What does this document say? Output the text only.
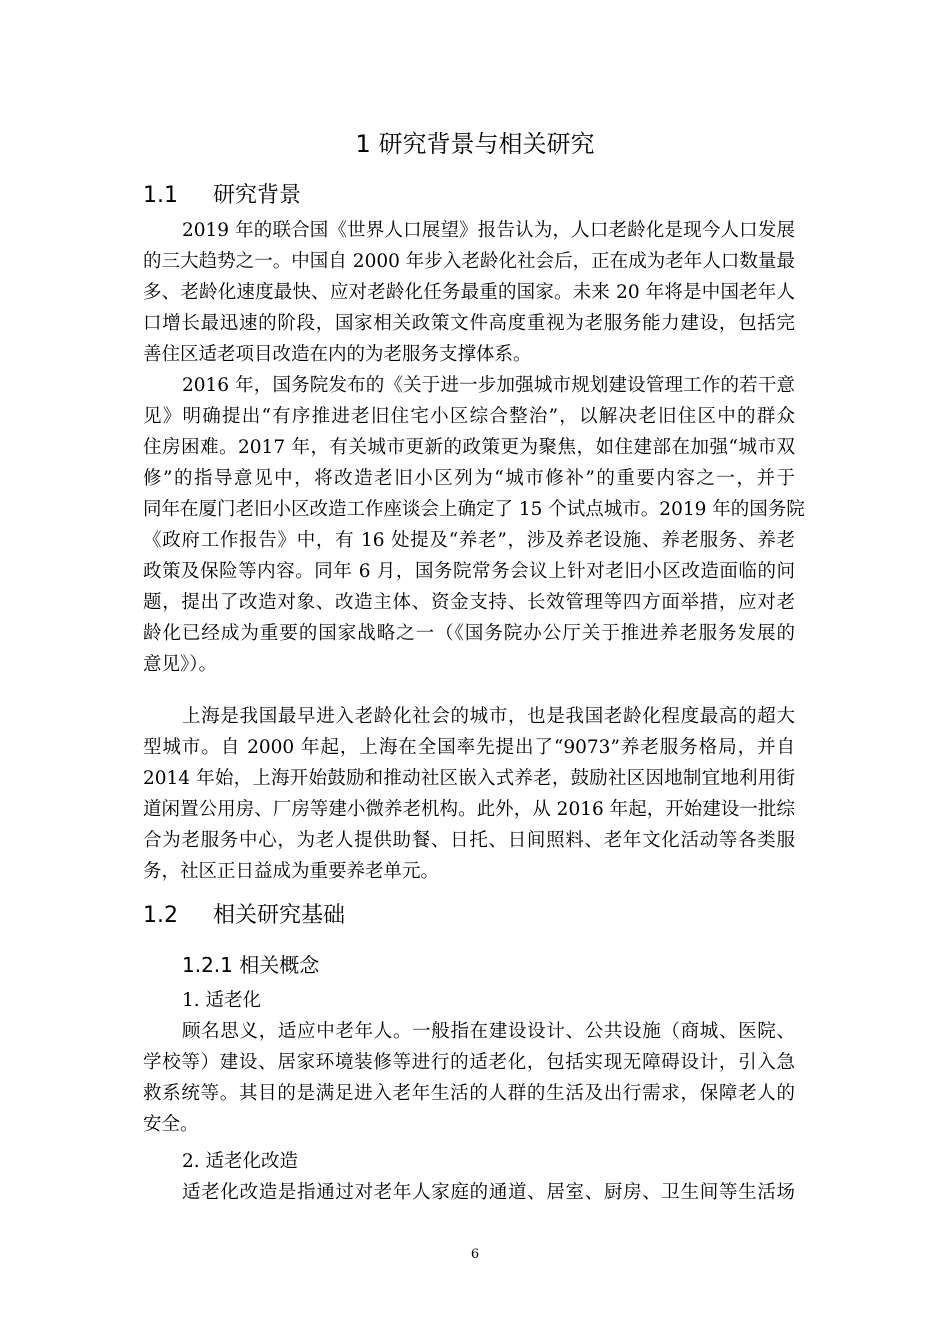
1 研究背景与相关研究
1.1 研究背景
2019 年的联合国《世界人口展望》报告认为，人口老龄化是现今人口发展
的三大趋势之一。中国自 2000 年步入老龄化社会后，正在成为老年人口数量最
多、老龄化速度最快、应对老龄化任务最重的国家。未来 20 年将是中国老年人
口增长最迅速的阶段，国家相关政策文件高度重视为老服务能力建设，包括完
善住区适老项目改造在内的为老服务支撑体系。
2016 年，国务院发布的《关于进一步加强城市规划建设管理工作的若干意
见》明确提出“有序推进老旧住宅小区综合整治”，以解决老旧住区中的群众
住房困难。2017 年，有关城市更新的政策更为聚焦，如住建部在加强“城市双
修”的指导意见中，将改造老旧小区列为“城市修补”的重要内容之一，并于
同年在厦门老旧小区改造工作座谈会上确定了 15 个试点城市。2019 年的国务院
《政府工作报告》中，有 16 处提及“养老”，涉及养老设施、养老服务、养老
政策及保险等内容。同年 6 月，国务院常务会议上针对老旧小区改造面临的问
题，提出了改造对象、改造主体、资金支持、长效管理等四方面举措，应对老
龄化已经成为重要的国家战略之一（《国务院办公厅关于推进养老服务发展的
意见》）。
上海是我国最早进入老龄化社会的城市，也是我国老龄化程度最高的超大
型城市。自 2000 年起，上海在全国率先提出了“9073”养老服务格局，并自
2014 年始，上海开始鼓励和推动社区嵌入式养老，鼓励社区因地制宜地利用街
道闲置公用房、厂房等建小微养老机构。此外，从 2016 年起，开始建设一批综
合为老服务中心，为老人提供助餐、日托、日间照料、老年文化活动等各类服
务，社区正日益成为重要养老单元。
1.2 相关研究基础
1.2.1 相关概念
1. 适老化
顾名思义，适应中老年人。一般指在建设设计、公共设施（商城、医院、
学校等）建设、居家环境装修等进行的适老化，包括实现无障碍设计，引入急
救系统等。其目的是满足进入老年生活的人群的生活及出行需求，保障老人的
安全。
2. 适老化改造
适老化改造是指通过对老年人家庭的通道、居室、厨房、卫生间等生活场
6
